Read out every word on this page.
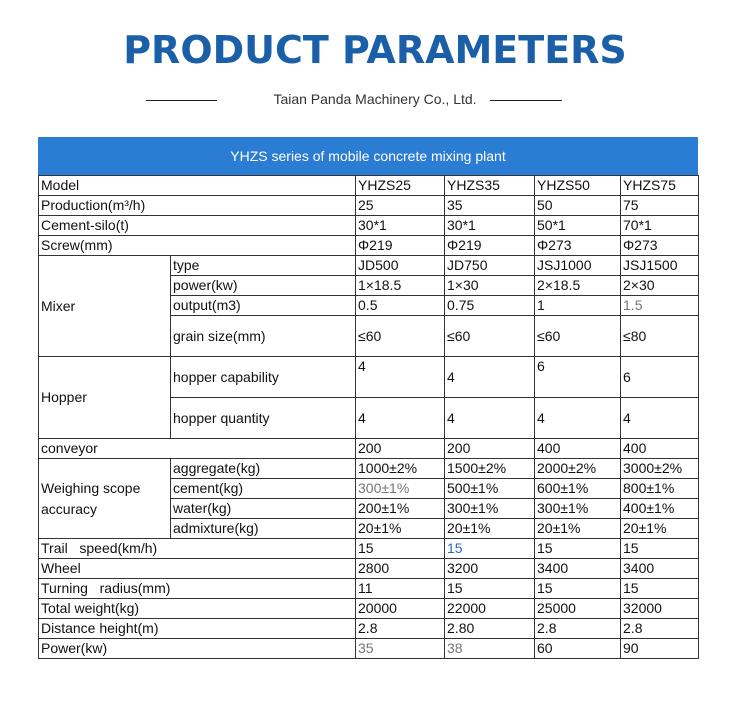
PRODUCT PARAMETERS
Taian Panda Machinery Co., Ltd.
YHZS series of mobile concrete mixing plant
Model		YHZS25	YHZS35	YHZS50	YHZS75
Production(m³/h)		25	35	50	75
Cement-silo(t)		30*1	30*1	50*1	70*1
Screw(mm)		Φ219	Φ219	Φ273	Φ273
Mixer	type	JD500	JD750	JSJ1000	JSJ1500
	power(kw)	1×18.5	1×30	2×18.5	2×30
	output(m3)	0.5	0.75	1	1.5
	grain size(mm)	≤60	≤60	≤60	≤80
Hopper	hopper capability	4	4	6	6
	hopper quantity	4	4	4	4
conveyor		200	200	400	400
Weighing scope accuracy	aggregate(kg)	1000±2%	1500±2%	2000±2%	3000±2%
	cement(kg)	300±1%	500±1%	600±1%	800±1%
	water(kg)	200±1%	300±1%	300±1%	400±1%
	admixture(kg)	20±1%	20±1%	20±1%	20±1%
Trail   speed(km/h)		15	15	15	15
Wheel		2800	3200	3400	3400
Turning   radius(mm)		11	15	15	15
Total weight(kg)		20000	22000	25000	32000
Distance height(m)		2.8	2.80	2.8	2.8
Power(kw)		35	38	60	90
